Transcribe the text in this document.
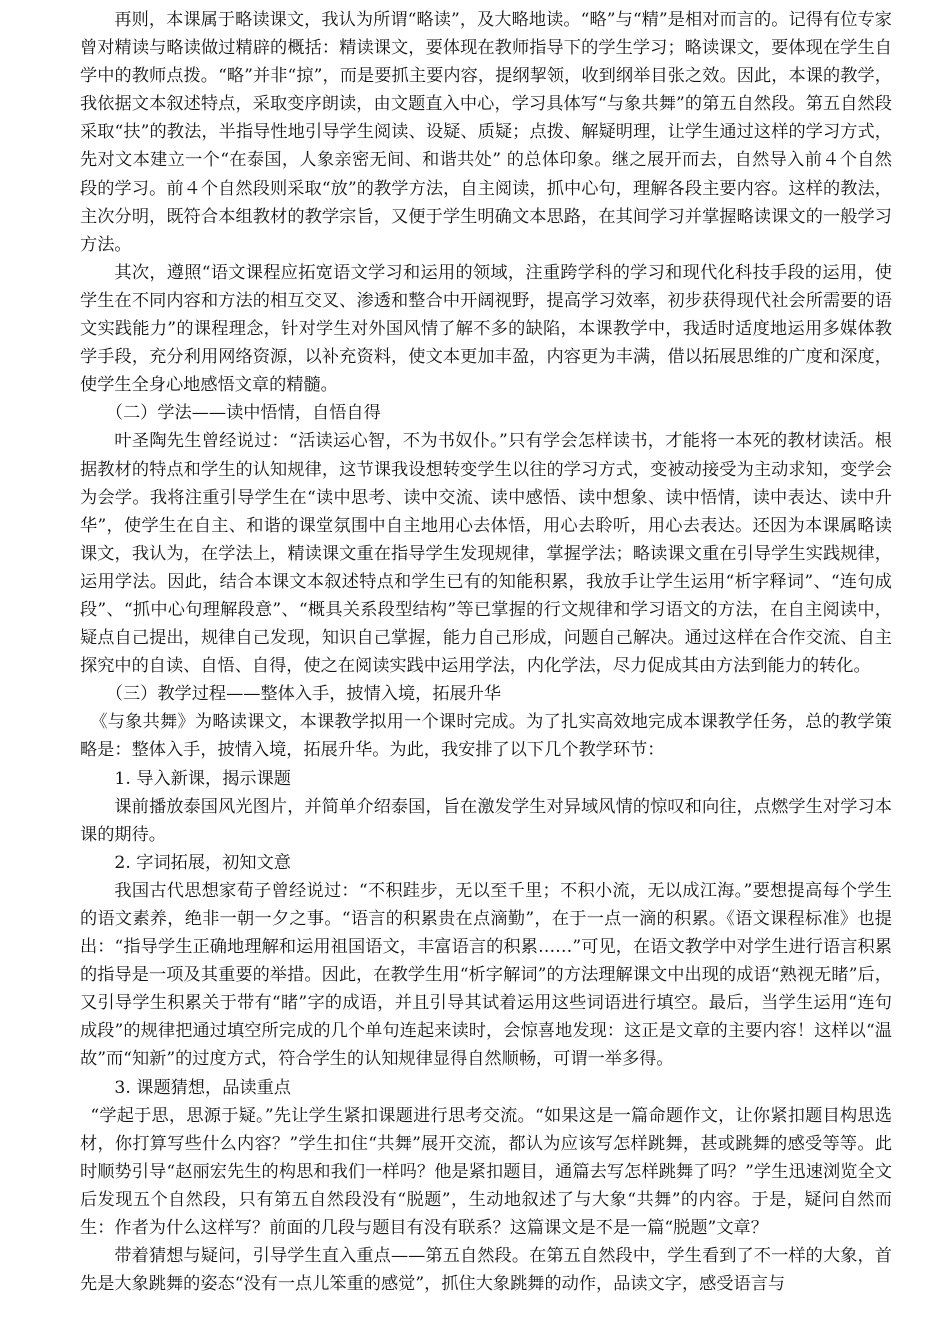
再则，本课属于略读课文，我认为所谓“略读”，及大略地读。“略”与“精”是相对而言的。记得有位专家曾对精读与略读做过精辟的概括：精读课文，要体现在教师指导下的学生学习；略读课文，要体现在学生自学中的教师点拨。“略”并非“掠”，而是要抓主要内容，提纲挈领，收到纲举目张之效。因此，本课的教学，我依据文本叙述特点，采取变序朗读，由文题直入中心，学习具体写“与象共舞”的第五自然段。第五自然段采取“扶”的教法，半指导性地引导学生阅读、设疑、质疑；点拨、解疑明理，让学生通过这样的学习方式，先对文本建立一个“在泰国，人象亲密无间、和谐共处” 的总体印象。继之展开而去，自然导入前４个自然段的学习。前４个自然段则采取“放”的教学方法，自主阅读，抓中心句，理解各段主要内容。这样的教法，主次分明，既符合本组教材的教学宗旨，又便于学生明确文本思路，在其间学习并掌握略读课文的一般学习方法。

其次，遵照“语文课程应拓宽语文学习和运用的领域，注重跨学科的学习和现代化科技手段的运用，使学生在不同内容和方法的相互交叉、渗透和整合中开阔视野，提高学习效率，初步获得现代社会所需要的语文实践能力”的课程理念，针对学生对外国风情了解不多的缺陷，本课教学中，我适时适度地运用多媒体教学手段，充分利用网络资源，以补充资料，使文本更加丰盈，内容更为丰满，借以拓展思维的广度和深度，使学生全身心地感悟文章的精髓。

（二）学法——读中悟情，自悟自得

叶圣陶先生曾经说过：“活读运心智，不为书奴仆。”只有学会怎样读书，才能将一本死的教材读活。根据教材的特点和学生的认知规律，这节课我设想转变学生以往的学习方式，变被动接受为主动求知，变学会为会学。我将注重引导学生在“读中思考、读中交流、读中感悟、读中想象、读中悟情，读中表达、读中升华”，使学生在自主、和谐的课堂氛围中自主地用心去体悟，用心去聆听，用心去表达。还因为本课属略读课文，我认为，在学法上，精读课文重在指导学生发现规律，掌握学法；略读课文重在引导学生实践规律，运用学法。因此，结合本课文本叙述特点和学生已有的知能积累，我放手让学生运用“析字释词”、“连句成段”、“抓中心句理解段意”、“概具关系段型结构”等已掌握的行文规律和学习语文的方法，在自主阅读中，疑点自己提出，规律自己发现，知识自己掌握，能力自己形成，问题自己解决。通过这样在合作交流、自主探究中的自读、自悟、自得，使之在阅读实践中运用学法，内化学法，尽力促成其由方法到能力的转化。

（三）教学过程——整体入手，披情入境，拓展升华

《与象共舞》为略读课文，本课教学拟用一个课时完成。为了扎实高效地完成本课教学任务，总的教学策略是：整体入手，披情入境，拓展升华。为此，我安排了以下几个教学环节：

1. 导入新课，揭示课题

课前播放泰国风光图片，并简单介绍泰国，旨在激发学生对异域风情的惊叹和向往，点燃学生对学习本课的期待。

2. 字词拓展，初知文意

我国古代思想家荀子曾经说过：“不积跬步，无以至千里；不积小流，无以成江海。”要想提高每个学生的语文素养，绝非一朝一夕之事。“语言的积累贵在点滴勤”，在于一点一滴的积累。《语文课程标准》也提出：“指导学生正确地理解和运用祖国语文，丰富语言的积累……”可见，在语文教学中对学生进行语言积累的指导是一项及其重要的举措。因此，在教学生用“析字解词”的方法理解课文中出现的成语“熟视无睹”后，又引导学生积累关于带有“睹”字的成语，并且引导其试着运用这些词语进行填空。最后，当学生运用“连句成段”的规律把通过填空所完成的几个单句连起来读时，会惊喜地发现：这正是文章的主要内容！这样以“温故”而“知新”的过度方式，符合学生的认知规律显得自然顺畅，可谓一举多得。

3. 课题猜想，品读重点

“学起于思，思源于疑。”先让学生紧扣课题进行思考交流。“如果这是一篇命题作文，让你紧扣题目构思选材，你打算写些什么内容？”学生扣住“共舞”展开交流，都认为应该写怎样跳舞，甚或跳舞的感受等等。此时顺势引导“赵丽宏先生的构思和我们一样吗？他是紧扣题目，通篇去写怎样跳舞了吗？”学生迅速浏览全文后发现五个自然段，只有第五自然段没有“脱题”，生动地叙述了与大象“共舞”的内容。于是，疑问自然而生：作者为什么这样写？前面的几段与题目有没有联系？这篇课文是不是一篇“脱题”文章？

带着猜想与疑问，引导学生直入重点——第五自然段。在第五自然段中，学生看到了不一样的大象，首先是大象跳舞的姿态“没有一点儿笨重的感觉”，抓住大象跳舞的动作，品读文字，感受语言与
